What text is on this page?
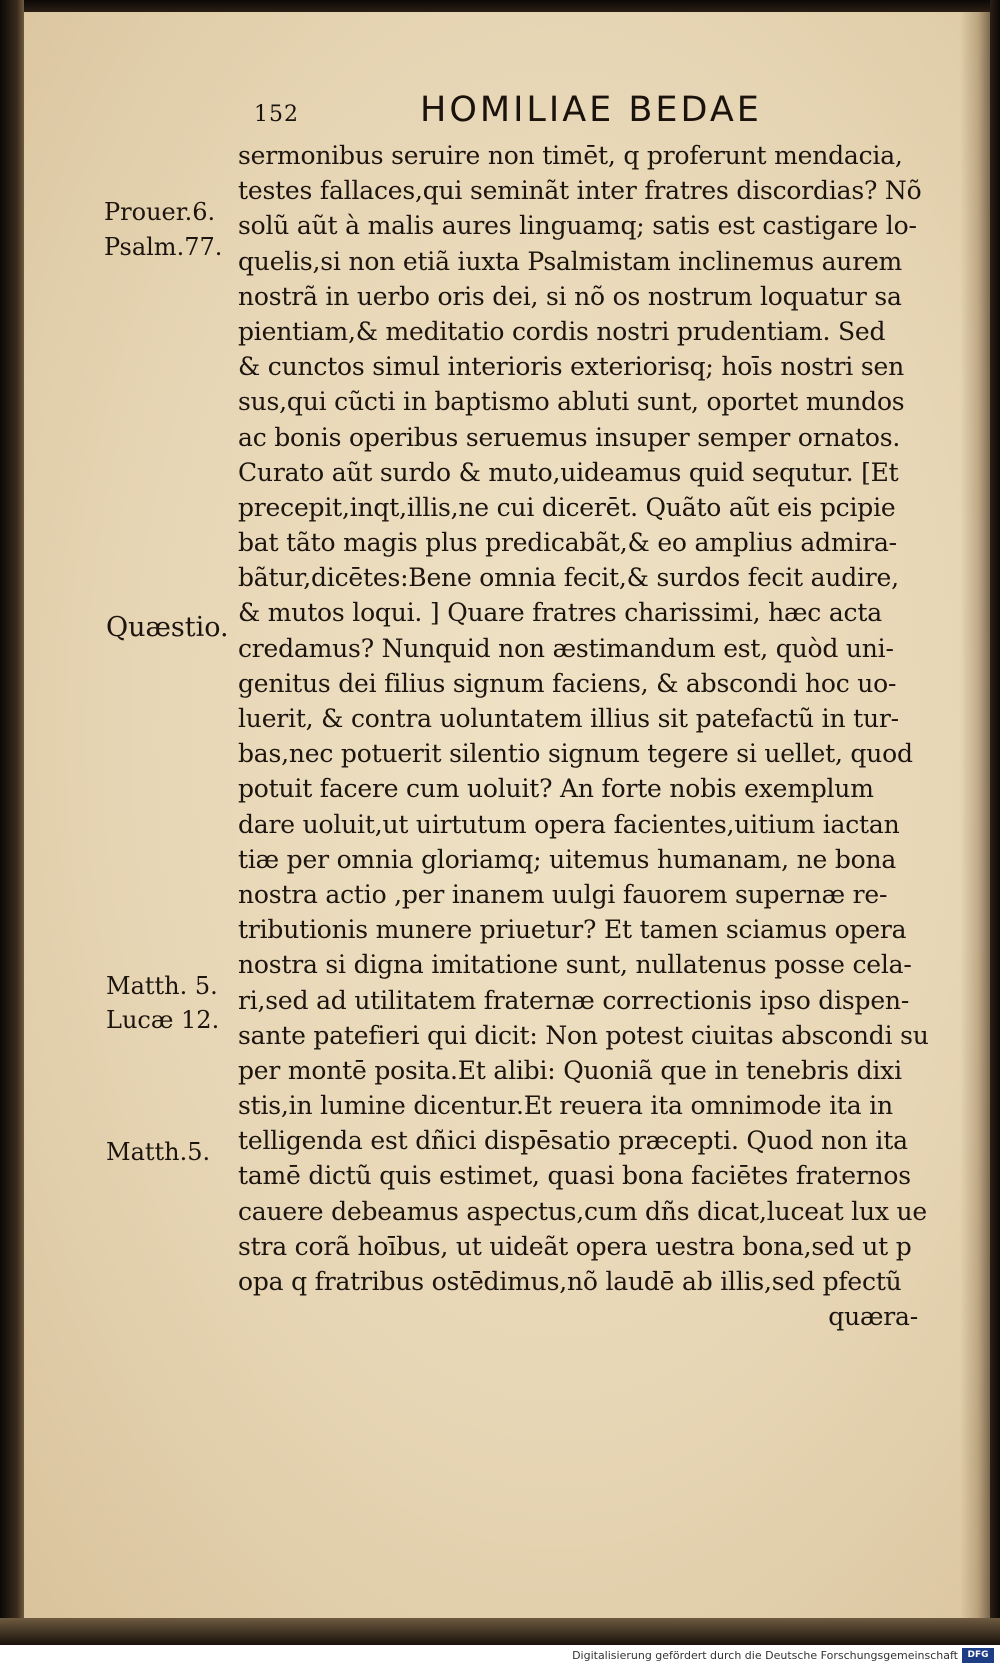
152	HOMILIAE BEDAE
Prouer.6.
Psalm.77.
Quæstio.
Matth. 5.
Lucæ 12.
Matth.5.
sermonibus seruire non timēt, q proferunt mendacia,
testes fallaces,qui seminãt inter fratres discordias? Nõ
solũ aũt à malis aures linguamq; satis est castigare lo-
quelis,si non etiã iuxta Psalmistam inclinemus aurem
nostrã in uerbo oris dei, si nõ os nostrum loquatur sa
pientiam,& meditatio cordis nostri prudentiam. Sed
& cunctos simul interioris exteriorisq; hoīs nostri sen
sus,qui cũcti in baptismo abluti sunt, oportet mundos
ac bonis operibus seruemus insuper semper ornatos.
Curato aũt surdo & muto,uideamus quid sequtur. [Et
precepit,inqt,illis,ne cui dicerēt. Quãto aũt eis pcipie
bat tãto magis plus predicabãt,& eo amplius admira-
bãtur,dicētes:Bene omnia fecit,& surdos fecit audire,
& mutos loqui. ] Quare fratres charissimi, hæc acta
credamus? Nunquid non æstimandum est, quòd uni-
genitus dei filius signum faciens, & abscondi hoc uo-
luerit, & contra uoluntatem illius sit patefactũ in tur-
bas,nec potuerit silentio signum tegere si uellet, quod
potuit facere cum uoluit? An forte nobis exemplum
dare uoluit,ut uirtutum opera facientes,uitium iactan
tiæ per omnia gloriamq; uitemus humanam, ne bona
nostra actio ,per inanem uulgi fauorem supernæ re-
tributionis munere priuetur? Et tamen sciamus opera
nostra si digna imitatione sunt, nullatenus posse cela-
ri,sed ad utilitatem fraternæ correctionis ipso dispen-
sante patefieri qui dicit: Non potest ciuitas abscondi su
per montē posita.Et alibi: Quoniã que in tenebris dixi
stis,in lumine dicentur.Et reuera ita omnimode ita in
telligenda est dñici dispēsatio præcepti. Quod non ita
tamē dictũ quis estimet, quasi bona faciētes fraternos
cauere debeamus aspectus,cum dñs dicat,luceat lux ue
stra corã hoībus, ut uideãt opera uestra bona,sed ut p
opa q fratribus ostēdimus,nõ laudē ab illis,sed pfectũ
quæra-
Digitalisierung gefördert durch die Deutsche Forschungsgemeinschaft	DFG
